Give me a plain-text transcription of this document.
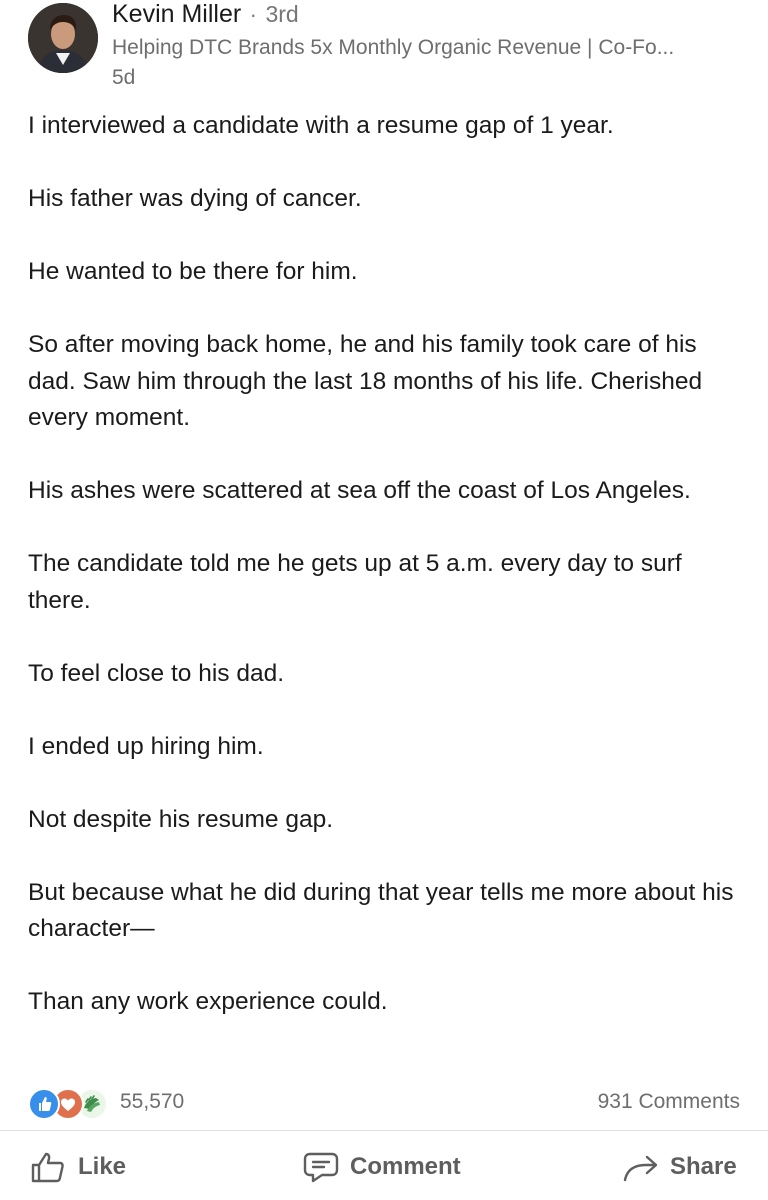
Kevin Miller · 3rd
Helping DTC Brands 5x Monthly Organic Revenue | Co-Fo...
5d

I interviewed a candidate with a resume gap of 1 year.

His father was dying of cancer.

He wanted to be there for him.

So after moving back home, he and his family took care of his dad. Saw him through the last 18 months of his life. Cherished every moment.

His ashes were scattered at sea off the coast of Los Angeles.

The candidate told me he gets up at 5 a.m. every day to surf there.

To feel close to his dad.

I ended up hiring him.

Not despite his resume gap.

But because what he did during that year tells me more about his character—

Than any work experience could.

55,570	931 Comments
Like	Comment	Share
